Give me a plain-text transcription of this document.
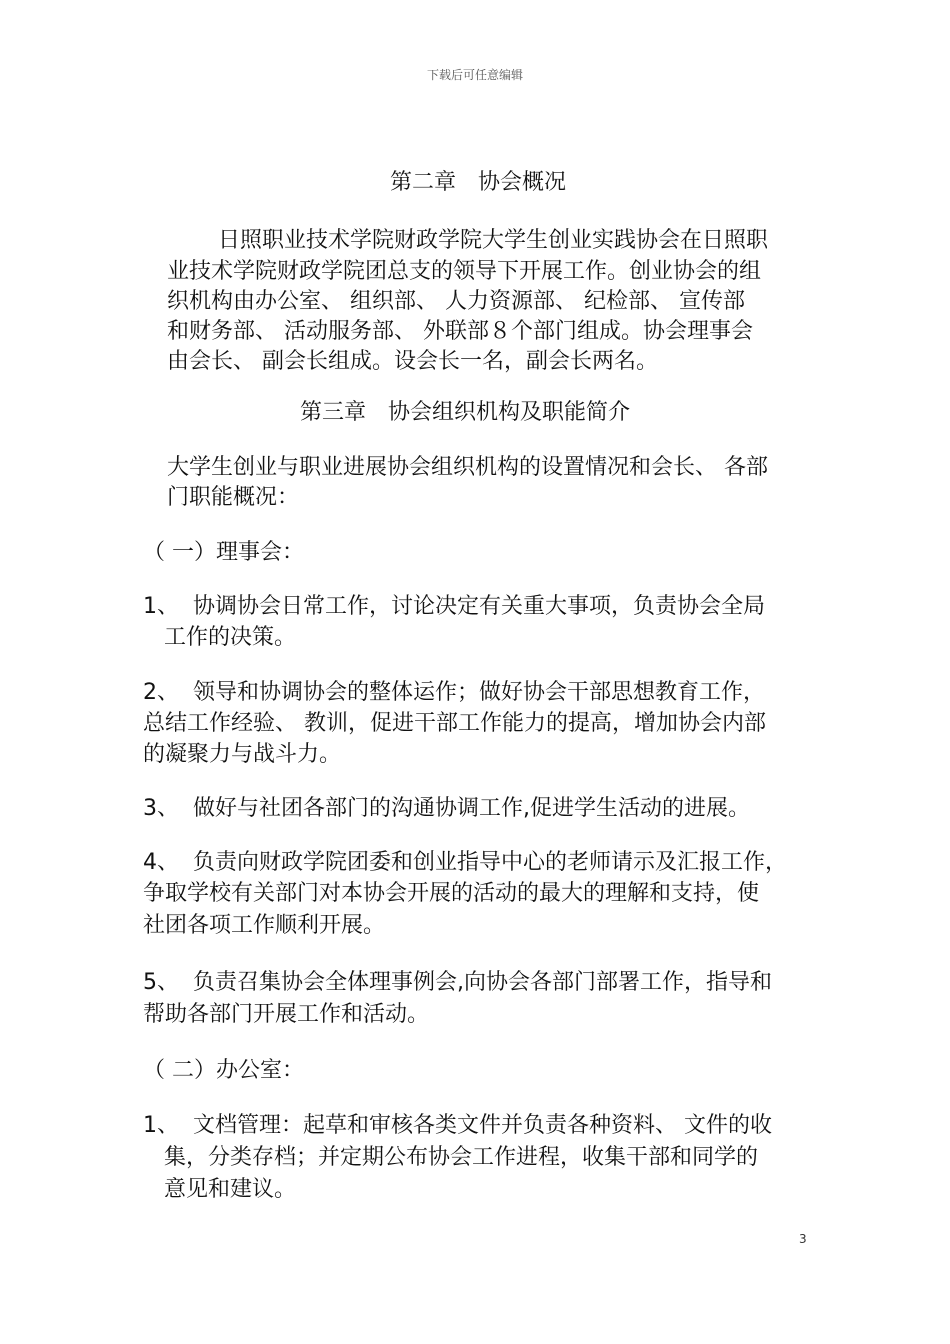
下载后可任意编辑
第二章　协会概况
日照职业技术学院财政学院大学生创业实践协会在日照职
业技术学院财政学院团总支的领导下开展工作。创业协会的组
织机构由办公室、 组织部、 人力资源部、 纪检部、 宣传部
和财务部、 活动服务部、 外联部８个部门组成。协会理事会
由会长、 副会长组成。设会长一名，副会长两名。
第三章　协会组织机构及职能简介
大学生创业与职业进展协会组织机构的设置情况和会长、 各部
门职能概况：
（ 一）理事会：
1、  协调协会日常工作，讨论决定有关重大事项，负责协会全局
工作的决策。
2、  领导和协调协会的整体运作；做好协会干部思想教育工作，
总结工作经验、 教训，促进干部工作能力的提高，增加协会内部
的凝聚力与战斗力。
3、  做好与社团各部门的沟通协调工作,促进学生活动的进展。
4、  负责向财政学院团委和创业指导中心的老师请示及汇报工作，
争取学校有关部门对本协会开展的活动的最大的理解和支持，使
社团各项工作顺利开展。
5、  负责召集协会全体理事例会,向协会各部门部署工作，指导和
帮助各部门开展工作和活动。
（ 二）办公室：
1、  文档管理：起草和审核各类文件并负责各种资料、 文件的收
集，分类存档；并定期公布协会工作进程，收集干部和同学的
意见和建议。
3
